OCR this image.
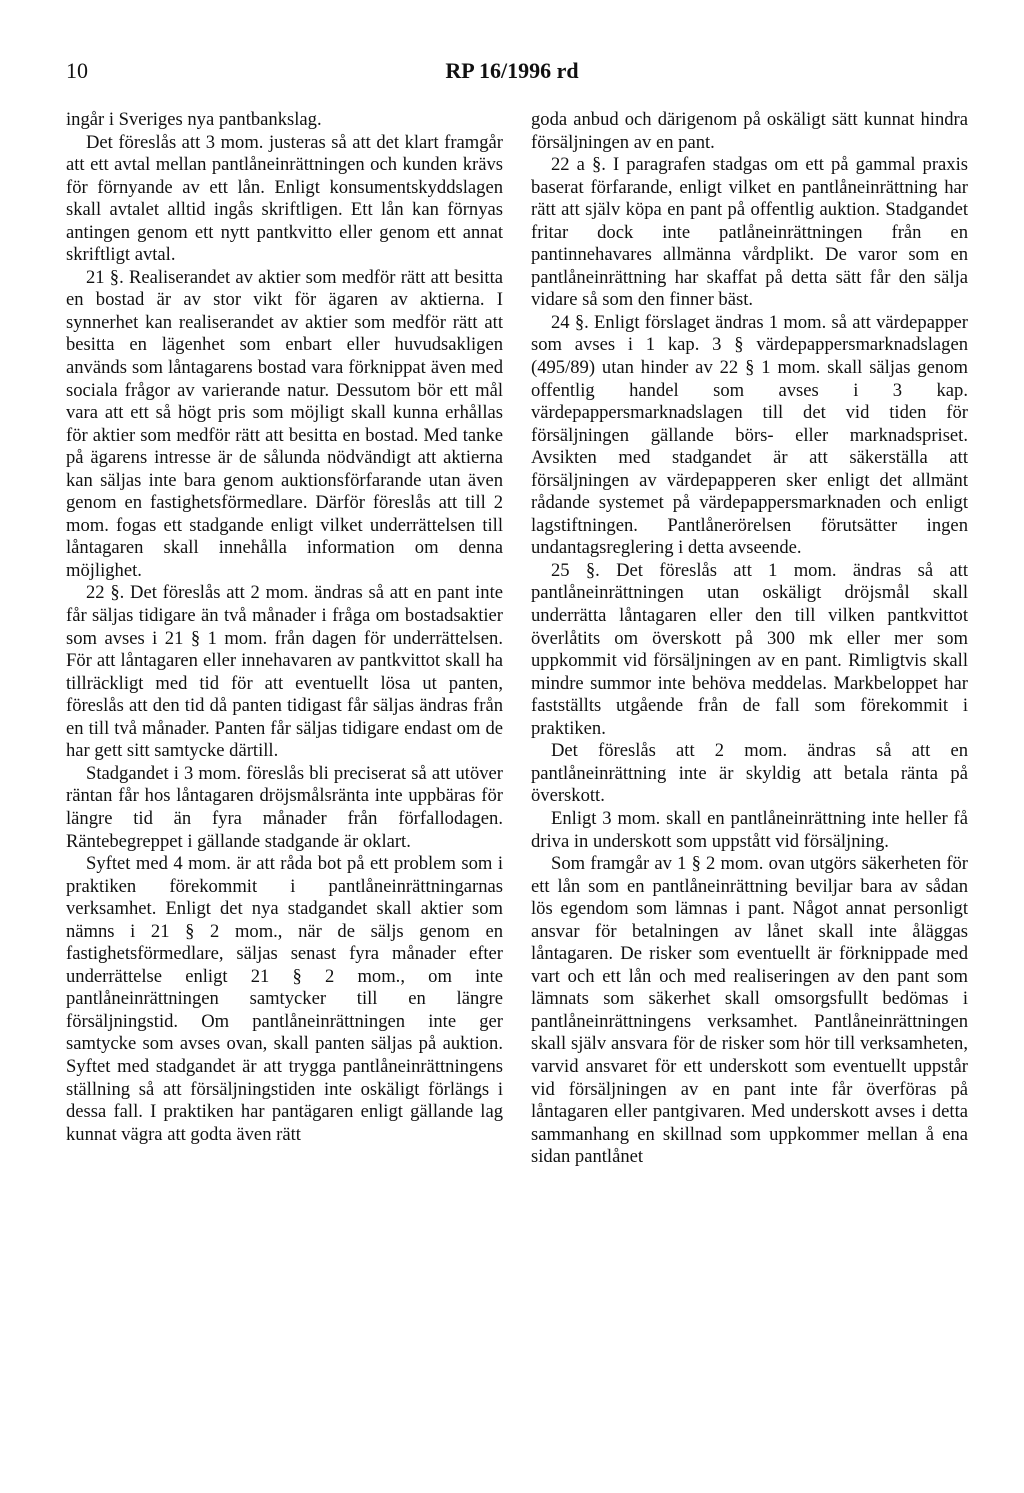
10	RP 16/1996 rd

ingår i Sveriges nya pantbankslag.

Det föreslås att 3 mom. justeras så att det klart framgår att ett avtal mellan pantlåneinrättningen och kunden krävs för förnyande av ett lån. Enligt konsumentskyddslagen skall avtalet alltid ingås skriftligen. Ett lån kan förnyas antingen genom ett nytt pantkvitto eller genom ett annat skriftligt avtal.

21 §. Realiserandet av aktier som medför rätt att besitta en bostad är av stor vikt för ägaren av aktierna. I synnerhet kan realiserandet av aktier som medför rätt att besitta en lägenhet som enbart eller huvudsakligen används som låntagarens bostad vara förknippat även med sociala frågor av varierande natur. Dessutom bör ett mål vara att ett så högt pris som möjligt skall kunna erhållas för aktier som medför rätt att besitta en bostad. Med tanke på ägarens intresse är de sålunda nödvändigt att aktierna kan säljas inte bara genom auktionsförfarande utan även genom en fastighetsförmedlare. Därför föreslås att till 2 mom. fogas ett stadgande enligt vilket underrättelsen till låntagaren skall innehålla information om denna möjlighet.

22 §. Det föreslås att 2 mom. ändras så att en pant inte får säljas tidigare än två månader i fråga om bostadsaktier som avses i 21 § 1 mom. från dagen för underrättelsen. För att låntagaren eller innehavaren av pantkvittot skall ha tillräckligt med tid för att eventuellt lösa ut panten, föreslås att den tid då panten tidigast får säljas ändras från en till två månader. Panten får säljas tidigare endast om de har gett sitt samtycke därtill.

Stadgandet i 3 mom. föreslås bli preciserat så att utöver räntan får hos låntagaren dröjsmålsränta inte uppbäras för längre tid än fyra månader från förfallodagen. Räntebegreppet i gällande stadgande är oklart.

Syftet med 4 mom. är att råda bot på ett problem som i praktiken förekommit i pantlåneinrättningarnas verksamhet. Enligt det nya stadgandet skall aktier som nämns i 21 § 2 mom., när de säljs genom en fastighetsförmedlare, säljas senast fyra månader efter underrättelse enligt 21 § 2 mom., om inte pantlåneinrättningen samtycker till en längre försäljningstid. Om pantlåneinrättningen inte ger samtycke som avses ovan, skall panten säljas på auktion. Syftet med stadgandet är att trygga pantlåneinrättningens ställning så att försäljningstiden inte oskäligt förlängs i dessa fall. I praktiken har pantägaren enligt gällande lag kunnat vägra att godta även rätt

goda anbud och därigenom på oskäligt sätt kunnat hindra försäljningen av en pant.

22 a §. I paragrafen stadgas om ett på gammal praxis baserat förfarande, enligt vilket en pantlåneinrättning har rätt att själv köpa en pant på offentlig auktion. Stadgandet fritar dock inte patlåneinrättningen från en pantinnehavares allmänna vårdplikt. De varor som en pantlåneinrättning har skaffat på detta sätt får den sälja vidare så som den finner bäst.

24 §. Enligt förslaget ändras 1 mom. så att värdepapper som avses i 1 kap. 3 § värdepappersmarknadslagen (495/89) utan hinder av 22 § 1 mom. skall säljas genom offentlig handel som avses i 3 kap. värdepappersmarknadslagen till det vid tiden för försäljningen gällande börs- eller marknadspriset. Avsikten med stadgandet är att säkerställa att försäljningen av värdepapperen sker enligt det allmänt rådande systemet på värdepappersmarknaden och enligt lagstiftningen. Pantlånerörelsen förutsätter ingen undantagsreglering i detta avseende.

25 §. Det föreslås att 1 mom. ändras så att pantlåneinrättningen utan oskäligt dröjsmål skall underrätta låntagaren eller den till vilken pantkvittot överlåtits om överskott på 300 mk eller mer som uppkommit vid försäljningen av en pant. Rimligtvis skall mindre summor inte behöva meddelas. Markbeloppet har fastställts utgående från de fall som förekommit i praktiken.

Det föreslås att 2 mom. ändras så att en pantlåneinrättning inte är skyldig att betala ränta på överskott.

Enligt 3 mom. skall en pantlåneinrättning inte heller få driva in underskott som uppstått vid försäljning.

Som framgår av 1 § 2 mom. ovan utgörs säkerheten för ett lån som en pantlåneinrättning beviljar bara av sådan lös egendom som lämnas i pant. Något annat personligt ansvar för betalningen av lånet skall inte åläggas låntagaren. De risker som eventuellt är förknippade med vart och ett lån och med realiseringen av den pant som lämnats som säkerhet skall omsorgsfullt bedömas i pantlåneinrättningens verksamhet. Pantlåneinrättningen skall själv ansvara för de risker som hör till verksamheten, varvid ansvaret för ett underskott som eventuellt uppstår vid försäljningen av en pant inte får överföras på låntagaren eller pantgivaren. Med underskott avses i detta sammanhang en skillnad som uppkommer mellan å ena sidan pantlånet
